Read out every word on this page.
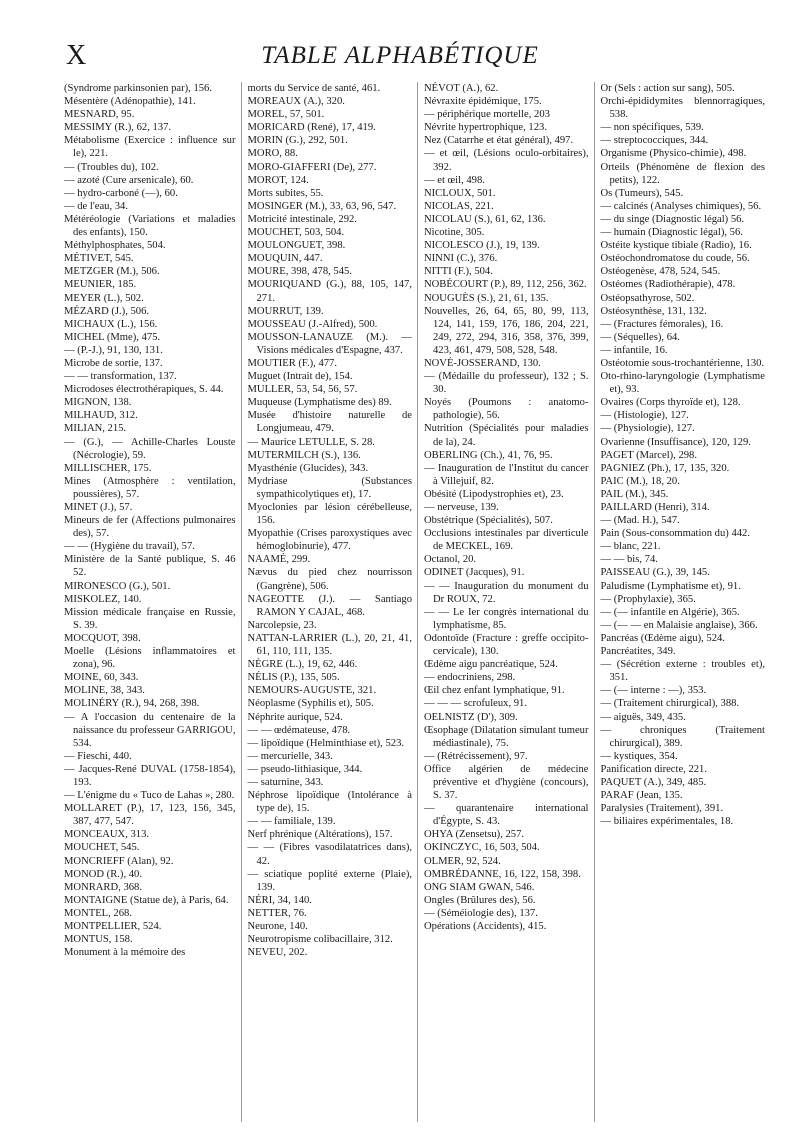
X	TABLE ALPHABÉTIQUE

(Syndrome parkinsonien par), 156.

Mésentère (Adénopathie), 141.

MESNARD, 95.

MESSIMY (R.), 62, 137.

Métabolisme (Exercice : influence sur le), 221.

— (Troubles du), 102.

— azoté (Cure arsenicale), 60.

— hydro-carboné (—), 60.

— de l'eau, 34.

Météréologie (Variations et maladies des enfants), 150.

Méthylphosphates, 504.

MÉTIVET, 545.

METZGER (M.), 506.

MEUNIER, 185.

MEYER (L.), 502.

MÉZARD (J.), 506.

MICHAUX (L.), 156.

MICHEL (Mme), 475.

— (P.-J.), 91, 130, 131.

Microbe de sortie, 137.

— — transformation, 137.

Microdoses électrothérapiques, S. 44.

MIGNON, 138.

MILHAUD, 312.

MILIAN, 215.

— (G.), — Achille-Charles Louste (Nécrologie), 59.

MILLISCHER, 175.

Mines (Atmosphère : ventilation, poussières), 57.

MINET (J.), 57.

Mineurs de fer (Affections pulmonaires des), 57.

— — (Hygiène du travail), 57.

Ministère de la Santé publique, S. 46 52.

MIRONESCO (G.), 501.

MISKOLEZ, 140.

Mission médicale française en Russie, S. 39.

MOCQUOT, 398.

Moelle (Lésions inflammatoires et zona), 96.

MOINE, 60, 343.

MOLINE, 38, 343.

MOLINÉRY (R.), 94, 268, 398.

— A l'occasion du centenaire de la naissance du professeur GARRIGOU, 534.

— Fieschi, 440.

— Jacques-René DUVAL (1758-1854), 193.

— L'énigme du « Tuco de Lahas », 280.

MOLLARET (P.), 17, 123, 156, 345, 387, 477, 547.

MONCEAUX, 313.

MOUCHET, 545.

MONCRIEFF (Alan), 92.

MONOD (R.), 40.

MONRARD, 368.

MONTAIGNE (Statue de), à Paris, 64.

MONTEL, 268.

MONTPELLIER, 524.

MONTUS, 158.

Monument à la mémoire des

morts du Service de santé, 461.

MOREAUX (A.), 320.

MOREL, 57, 501.

MORICARD (René), 17, 419.

MORIN (G.), 292, 501.

MORO, 88.

MORO-GIAFFERI (De), 277.

MOROT, 124.

Morts subites, 55.

MOSINGER (M.), 33, 63, 96, 547.

Motricité intestinale, 292.

MOUCHET, 503, 504.

MOULONGUET, 398.

MOUQUIN, 447.

MOURE, 398, 478, 545.

MOURIQUAND (G.), 88, 105, 147, 271.

MOURRUT, 139.

MOUSSEAU (J.-Alfred), 500.

MOUSSON-LANAUZE (M.). — Visions médicales d'Espagne, 437.

MOUTIER (F.), 477.

Muguet (Intrait de), 154.

MULLER, 53, 54, 56, 57.

Muqueuse (Lymphatisme des) 89.

Musée d'histoire naturelle de Longjumeau, 479.

— Maurice LETULLE, S. 28.

MUTERMILCH (S.), 136.

Myasthénie (Glucides), 343.

Mydriase (Substances sympathicolytiques et), 17.

Myoclonies par lésion cérébelleuse, 156.

Myopathie (Crises paroxystiques avec hémoglobinurie), 477.

NAAMÉ, 299.

Nævus du pied chez nourrisson (Gangrène), 506.

NAGEOTTE (J.). — Santiago RAMON Y CAJAL, 468.

Narcolepsie, 23.

NATTAN-LARRIER (L.), 20, 21, 41, 61, 110, 111, 135.

NÈGRE (L.), 19, 62, 446.

NÉLIS (P.), 135, 505.

NEMOURS-AUGUSTE, 321.

Néoplasme (Syphilis et), 505.

Néphrite aurique, 524.

— — œdémateuse, 478.

— lipoïdique (Helminthiase et), 523.

— mercurielle, 343.

— pseudo-lithiasique, 344.

— saturnine, 343.

Néphrose lipoïdique (Intolérance à type de), 15.

— — familiale, 139.

Nerf phrénique (Altérations), 157.

— — (Fibres vasodilatatrices dans), 42.

— sciatique poplité externe (Plaie), 139.

NÉRI, 34, 140.

NETTER, 76.

Neurone, 140.

Neurotropisme colibacillaire, 312.

NEVEU, 202.

NÉVOT (A.), 62.

Névraxite épidémique, 175.

— périphérique mortelle, 203

Névrite hypertrophique, 123.

Nez (Catarrhe et état général), 497.

— et œil, (Lésions oculo-orbitaires), 392.

— et œil, 498.

NICLOUX, 501.

NICOLAS, 221.

NICOLAU (S.), 61, 62, 136.

Nicotine, 305.

NICOLESCO (J.), 19, 139.

NINNI (C.), 376.

NITTI (F.), 504.

NOBÉCOURT (P.), 89, 112, 256, 362.

NOUGUÈS (S.), 21, 61, 135.

Nouvelles, 26, 64, 65, 80, 99, 113, 124, 141, 159, 176, 186, 204, 221, 249, 272, 294, 316, 358, 376, 399, 423, 461, 479, 508, 528, 548.

NOVÉ-JOSSERAND, 130.

— (Médaille du professeur), 132 ; S. 30.

Noyés (Poumons : anatomo-pathologie), 56.

Nutrition (Spécialités pour maladies de la), 24.

OBERLING (Ch.), 41, 76, 95.

— Inauguration de l'Institut du cancer à Villejuif, 82.

Obésité (Lipodystrophies et), 23.

— nerveuse, 139.

Obstétrique (Spécialités), 507.

Occlusions intestinales par diverticule de MECKEL, 169.

Octanol, 20.

ODINET (Jacques), 91.

— — Inauguration du monument du Dr ROUX, 72.

— — Le Ier congrès international du lymphatisme, 85.

Odontoïde (Fracture : greffe occipito-cervicale), 130.

Œdème aigu pancréatique, 524.

— endocriniens, 298.

Œil chez enfant lymphatique, 91.

— — — scrofuleux, 91.

OELNISTZ (D'), 309.

Œsophage (Dilatation simulant tumeur médiastinale), 75.

— (Rétrécissement), 97.

Office algérien de médecine préventive et d'hygiène (concours), S. 37.

— quarantenaire international d'Égypte, S. 43.

OHYA (Zensetsu), 257.

OKINCZYC, 16, 503, 504.

OLMER, 92, 524.

OMBRÉDANNE, 16, 122, 158, 398.

ONG SIAM GWAN, 546.

Ongles (Brûlures des), 56.

— (Séméiologie des), 137.

Opérations (Accidents), 415.

Or (Sels : action sur sang), 505.

Orchi-épididymites blennorragiques, 538.

— non spécifiques, 539.

— streptococciques, 344.

Organisme (Physico-chimie), 498.

Orteils (Phénomène de flexion des petits), 122.

Os (Tumeurs), 545.

— calcinés (Analyses chimiques), 56.

— du singe (Diagnostic légal) 56.

— humain (Diagnostic légal), 56.

Ostéite kystique tibiale (Radio), 16.

Ostéochondromatose du coude, 56.

Ostéogenèse, 478, 524, 545.

Ostéomes (Radiothérapie), 478.

Ostéopsathyrose, 502.

Ostéosynthèse, 131, 132.

— (Fractures fémorales), 16.

— (Séquelles), 64.

— infantile, 16.

Ostéotomie sous-trochantérienne, 130.

Oto-rhino-laryngologie (Lymphatisme et), 93.

Ovaires (Corps thyroïde et), 128.

— (Histologie), 127.

— (Physiologie), 127.

Ovarienne (Insuffisance), 120, 129.

PAGET (Marcel), 298.

PAGNIEZ (Ph.), 17, 135, 320.

PAIC (M.), 18, 20.

PAIL (M.), 345.

PAILLARD (Henri), 314.

— (Mad. H.), 547.

Pain (Sous-consommation du) 442.

— blanc, 221.

— — bis, 74.

PAISSEAU (G.), 39, 145.

Paludisme (Lymphatisme et), 91.

— (Prophylaxie), 365.

— (— infantile en Algérie), 365.

— (— — en Malaisie anglaise), 366.

Pancréas (Œdème aigu), 524.

Pancréatites, 349.

— (Sécrétion externe : troubles et), 351.

— (— interne : —), 353.

— (Traitement chirurgical), 388.

— aiguës, 349, 435.

— chroniques (Traitement chirurgical), 389.

— kystiques, 354.

Panification directe, 221.

PAQUET (A.), 349, 485.

PARAF (Jean, 135.

Paralysies (Traitement), 391.

— biliaires expérimentales, 18.
